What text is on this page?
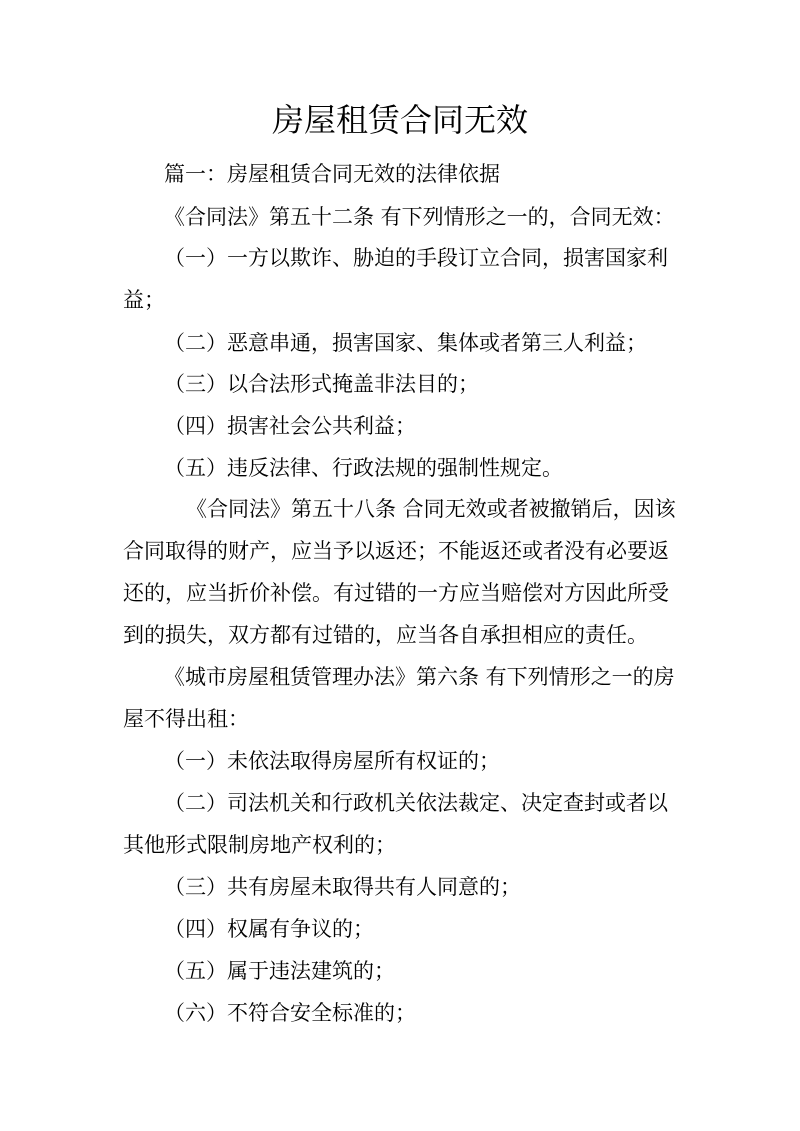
房屋租赁合同无效
篇一：房屋租赁合同无效的法律依据
《合同法》第五十二条 有下列情形之一的，合同无效：
（一）一方以欺诈、胁迫的手段订立合同，损害国家利
益；
（二）恶意串通，损害国家、集体或者第三人利益；
（三）以合法形式掩盖非法目的；
（四）损害社会公共利益；
（五）违反法律、行政法规的强制性规定。
《合同法》第五十八条 合同无效或者被撤销后，因该
合同取得的财产，应当予以返还；不能返还或者没有必要返
还的，应当折价补偿。有过错的一方应当赔偿对方因此所受
到的损失，双方都有过错的，应当各自承担相应的责任。
《城市房屋租赁管理办法》第六条 有下列情形之一的房
屋不得出租：
（一）未依法取得房屋所有权证的；
（二）司法机关和行政机关依法裁定、决定查封或者以
其他形式限制房地产权利的；
（三）共有房屋未取得共有人同意的；
（四）权属有争议的；
（五）属于违法建筑的；
（六）不符合安全标准的；
